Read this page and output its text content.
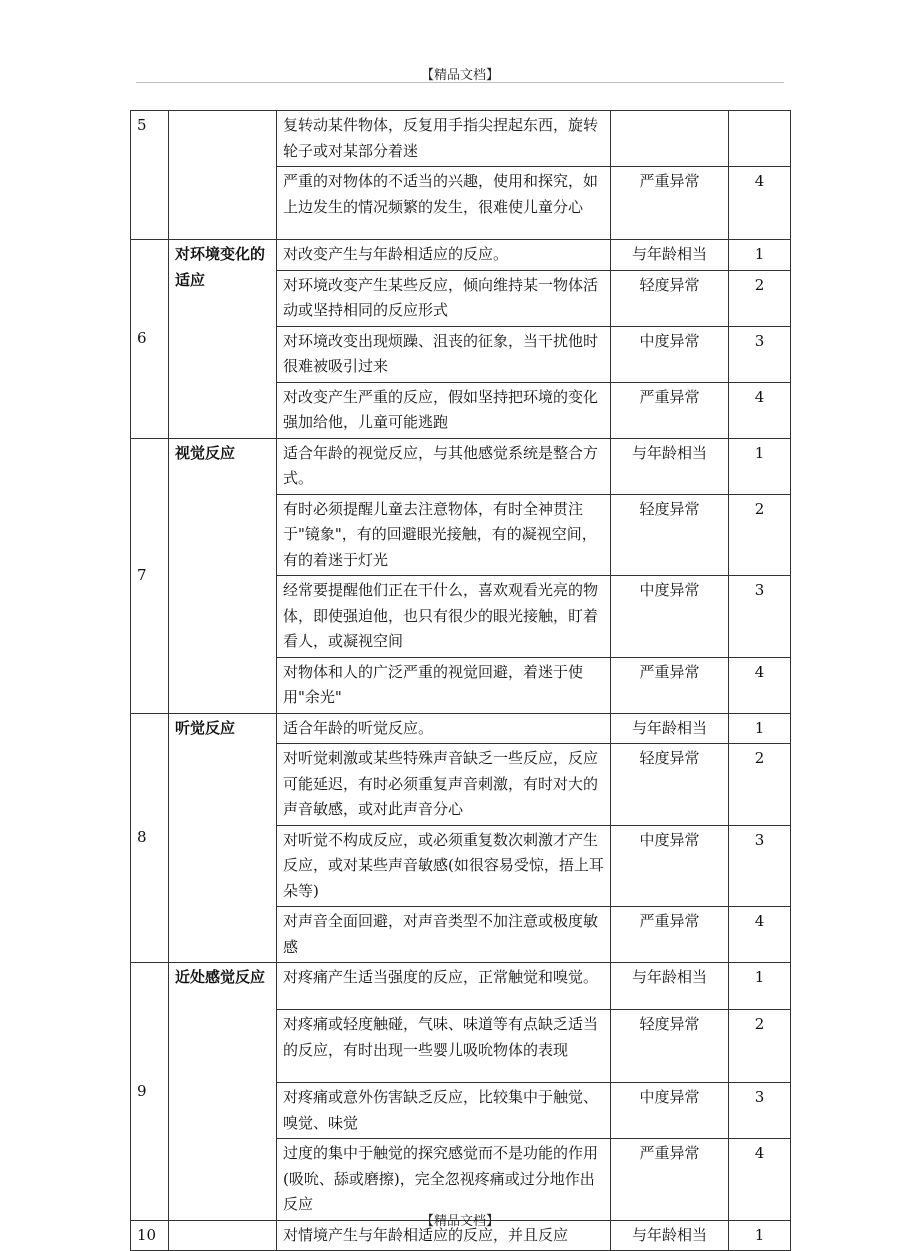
【精品文档】
5		复转动某件物体，反复用手指尖捏起东西，旋转轮子或对某部分着迷		
		严重的对物体的不适当的兴趣，使用和探究，如上边发生的情况频繁的发生，很难使儿童分心	严重异常	4
6	对环境变化的适应	对改变产生与年龄相适应的反应。	与年龄相当	1
		对环境改变产生某些反应，倾向维持某一物体活动或坚持相同的反应形式	轻度异常	2
		对环境改变出现烦躁、沮丧的征象，当干扰他时很难被吸引过来	中度异常	3
		对改变产生严重的反应，假如坚持把环境的变化强加给他，儿童可能逃跑	严重异常	4
7	视觉反应	适合年龄的视觉反应，与其他感觉系统是整合方式。	与年龄相当	1
		有时必须提醒儿童去注意物体，有时全神贯注于"镜象"，有的回避眼光接触，有的凝视空间，有的着迷于灯光	轻度异常	2
		经常要提醒他们正在干什么，喜欢观看光亮的物体，即使强迫他，也只有很少的眼光接触，盯着看人，或凝视空间	中度异常	3
		对物体和人的广泛严重的视觉回避，着迷于使用"余光"	严重异常	4
8	听觉反应	适合年龄的听觉反应。	与年龄相当	1
		对听觉刺激或某些特殊声音缺乏一些反应，反应可能延迟，有时必须重复声音刺激，有时对大的声音敏感，或对此声音分心	轻度异常	2
		对听觉不构成反应，或必须重复数次刺激才产生反应，或对某些声音敏感(如很容易受惊，捂上耳朵等)	中度异常	3
		对声音全面回避，对声音类型不加注意或极度敏感	严重异常	4
9	近处感觉反应	对疼痛产生适当强度的反应，正常触觉和嗅觉。	与年龄相当	1
		对疼痛或轻度触碰，气味、味道等有点缺乏适当的反应，有时出现一些婴儿吸吮物体的表现	轻度异常	2
		对疼痛或意外伤害缺乏反应，比较集中于触觉、嗅觉、味觉	中度异常	3
		过度的集中于触觉的探究感觉而不是功能的作用(吸吮、舔或磨擦)，完全忽视疼痛或过分地作出反应	严重异常	4
10		对情境产生与年龄相适应的反应，并且反应	与年龄相当	1
【精品文档】
